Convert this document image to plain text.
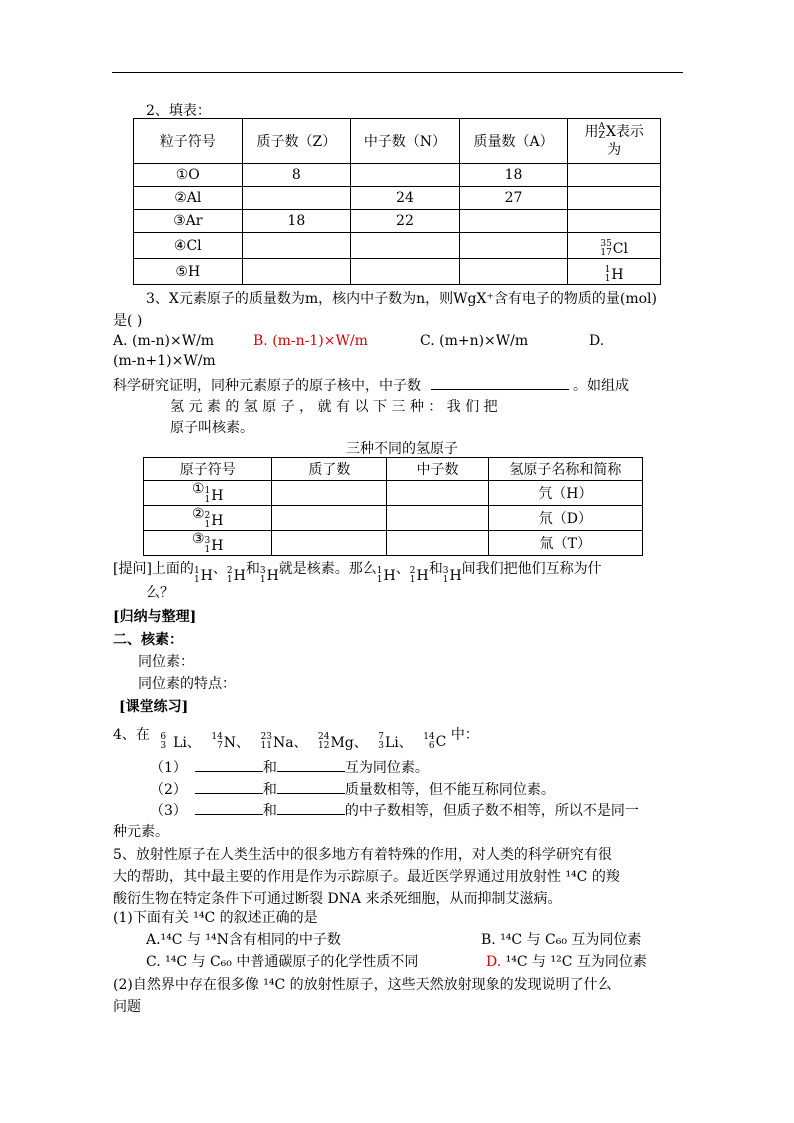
2、填表：
粒子符号	质子数（Z）	中子数（N）	质量数（A）	用 A
Z X表示
为
①O	8		18	
②Al		24	27	
③Ar	18	22		
④Cl				35
17 Cl

⑤H				1
1 H
3、X元素原子的质量数为m，核内中子数为n，则WgX⁺含有电子的物质的量(mol)
是( )
A. (m-n)×W/m	B. (m-n-1)×W/m	C. (m+n)×W/m	D.
(m-n+1)×W/m
科学研究证明，同种元素原子的原子核中，中子数	。如组成
氢 元 素 的 氢 原 子 ， 就 有 以 下 三 种 ： 我 们 把
原子叫核素。
三种不同的氢原子
原子符号	质了数	中子数	氢原子名称和简称
① 1
1 H			氕（H）
② 2
1 H			氘（D）
③ 3
1 H			氚（T）
[提问]上面的 1
1 H 、 2
1 H 和 3
1 H 就是核素。那么 1
1 H 、 2
1 H 和 3
1 H 间我们把他们互称为什
么？
[归纳与整理]
二、核素：
同位素：
同位素的特点：
[课堂练习]
4、在 6
3 Li、
14
7 N、
23
11 Na、
24
12 Mg、
7
3 Li、
14
6 C 中：
（1）	和	互为同位素。
（2）	和	质量数相等，但不能互称同位素。
（3）	和	的中子数相等，但质子数不相等，所以不是同一
种元素。
5、放射性原子在人类生活中的很多地方有着特殊的作用，对人类的科学研究有很
大的帮助，其中最主要的作用是作为示踪原子。最近医学界通过用放射性 ¹⁴C 的羧
酸衍生物在特定条件下可通过断裂 DNA 来杀死细胞，从而抑制艾滋病。
(1)下面有关 ¹⁴C 的叙述正确的是
A.¹⁴C 与 ¹⁴N含有相同的中子数	B. ¹⁴C 与 C₆₀ 互为同位素
C. ¹⁴C 与 C₆₀ 中普通碳原子的化学性质不同	D. ¹⁴C 与 ¹²C 互为同位素
(2)自然界中存在很多像 ¹⁴C 的放射性原子，这些天然放射现象的发现说明了什么
问题
